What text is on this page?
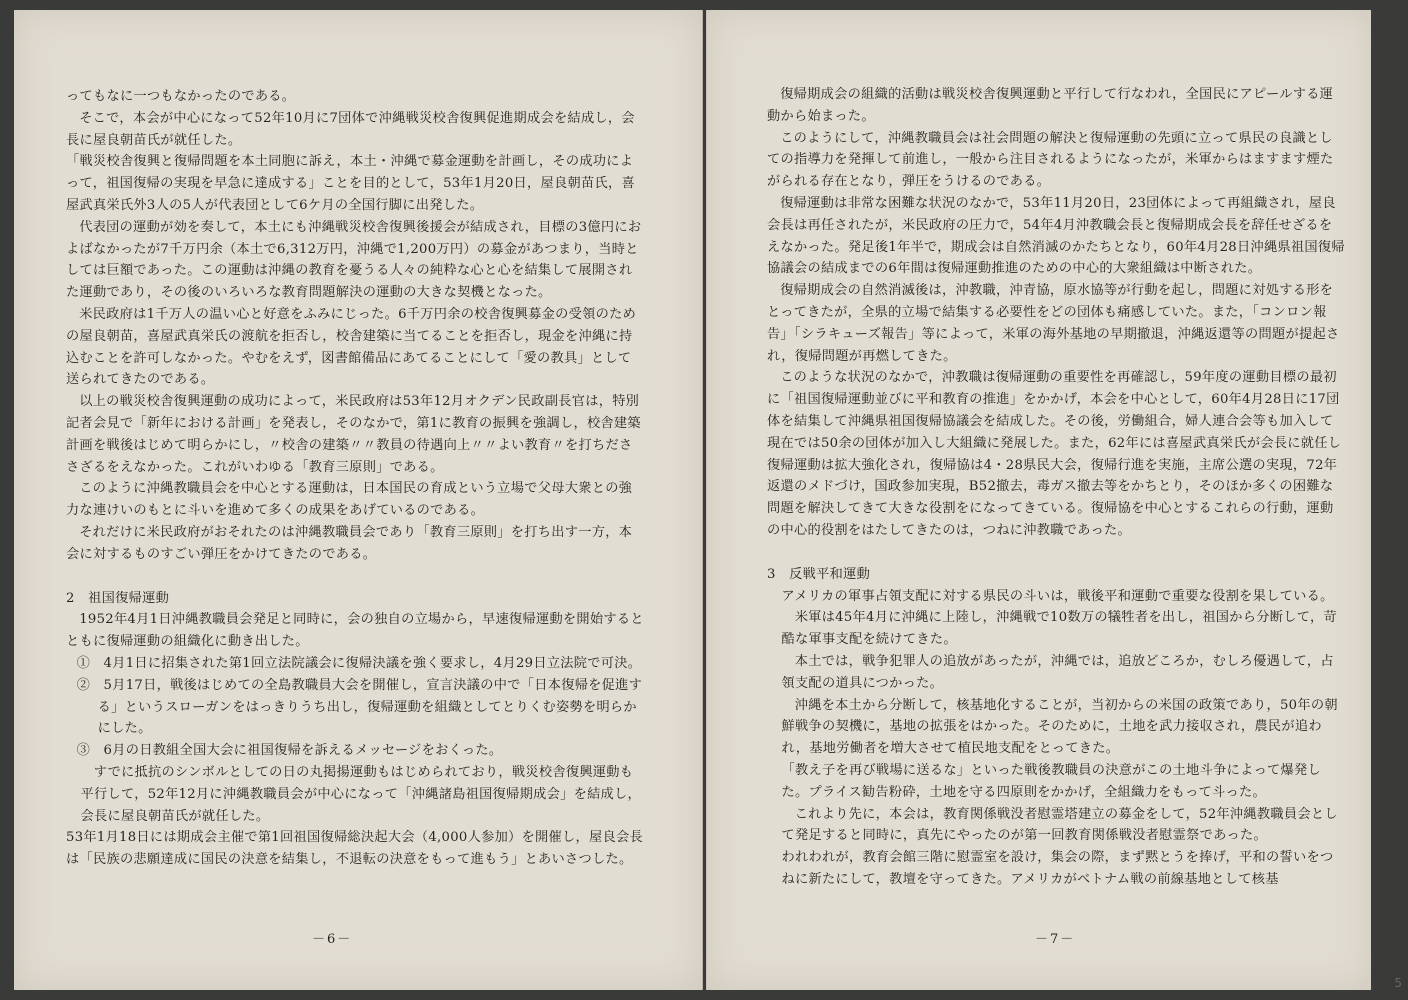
ってもなに一つもなかったのである。

そこで，本会が中心になって52年10月に7団体で沖縄戦災校舎復興促進期成会を結成し，会長に屋良朝苗氏が就任した。

「戦災校舎復興と復帰問題を本土同胞に訴え，本土・沖縄で募金運動を計画し，その成功によって，祖国復帰の実現を早急に達成する」ことを目的として，53年1月20日，屋良朝苗氏，喜屋武真栄氏外3人の5人が代表団として6ケ月の全国行脚に出発した。

代表団の運動が効を奏して，本土にも沖縄戦災校舎復興後援会が結成され，目標の3億円におよばなかったが7千万円余（本土で6,312万円，沖縄で1,200万円）の募金があつまり，当時としては巨額であった。この運動は沖縄の教育を憂うる人々の純粋な心と心を結集して展開された運動であり，その後のいろいろな教育問題解決の運動の大きな契機となった。

米民政府は1千万人の温い心と好意をふみにじった。6千万円余の校舎復興募金の受領のための屋良朝苗，喜屋武真栄氏の渡航を拒否し，校舎建築に当てることを拒否し，現金を沖縄に持込むことを許可しなかった。やむをえず，図書館備品にあてることにして「愛の教具」として送られてきたのである。

以上の戦災校舎復興運動の成功によって，米民政府は53年12月オクデン民政副長官は，特別記者会見で「新年における計画」を発表し，そのなかで，第1に教育の振興を強調し，校舎建築計画を戦後はじめて明らかにし，〃校舎の建築〃〃教員の待遇向上〃〃よい教育〃を打ちだささざるをえなかった。これがいわゆる「教育三原則」である。

このように沖縄教職員会を中心とする運動は，日本国民の育成という立場で父母大衆との強力な連けいのもとに斗いを進めて多くの成果をあげているのである。

それだけに米民政府がおそれたのは沖縄教職員会であり「教育三原則」を打ち出す一方，本会に対するものすごい弾圧をかけてきたのである。

2　祖国復帰運動

1952年4月1日沖縄教職員会発足と同時に，会の独自の立場から，早速復帰運動を開始するとともに復帰運動の組織化に動き出した。

①　4月1日に招集された第1回立法院議会に復帰決議を強く要求し，4月29日立法院で可決。

②　5月17日，戦後はじめての全島教職員大会を開催し，宣言決議の中で「日本復帰を促進する」というスローガンをはっきりうち出し，復帰運動を組織としてとりくむ姿勢を明らかにした。

③　6月の日教組全国大会に祖国復帰を訴えるメッセージをおくった。

すでに抵抗のシンボルとしての日の丸掲揚運動もはじめられており，戦災校舎復興運動も平行して，52年12月に沖縄教職員会が中心になって「沖縄諸島祖国復帰期成会」を結成し，会長に屋良朝苗氏が就任した。

53年1月18日には期成会主催で第1回祖国復帰総決起大会（4,000人参加）を開催し，屋良会長は「民族の悲願達成に国民の決意を結集し，不退転の決意をもって進もう」とあいさつした。

－6－

復帰期成会の組織的活動は戦災校舎復興運動と平行して行なわれ，全国民にアピールする運動から始まった。

このようにして，沖縄教職員会は社会問題の解決と復帰運動の先頭に立って県民の良識としての指導力を発揮して前進し，一般から注目されるようになったが，米軍からはますます煙たがられる存在となり，弾圧をうけるのである。

復帰運動は非常な困難な状況のなかで，53年11月20日，23団体によって再組織され，屋良会長は再任されたが，米民政府の圧力で，54年4月沖教職会長と復帰期成会長を辞任せざるをえなかった。発足後1年半で，期成会は自然消滅のかたちとなり，60年4月28日沖縄県祖国復帰協議会の結成までの6年間は復帰運動推進のための中心的大衆組織は中断された。

復帰期成会の自然消滅後は，沖教職，沖青協，原水協等が行動を起し，問題に対処する形をとってきたが，全県的立場で結集する必要性をどの団体も痛感していた。また，「コンロン報告」「シラキューズ報告」等によって，米軍の海外基地の早期撤退，沖縄返還等の問題が提起され，復帰問題が再燃してきた。

このような状況のなかで，沖教職は復帰運動の重要性を再確認し，59年度の運動目標の最初に「祖国復帰運動並びに平和教育の推進」をかかげ，本会を中心として，60年4月28日に17団体を結集して沖縄県祖国復帰協議会を結成した。その後，労働組合，婦人連合会等も加入して現在では50余の団体が加入し大組織に発展した。また，62年には喜屋武真栄氏が会長に就任し復帰運動は拡大強化され，復帰協は4・28県民大会，復帰行進を実施，主席公選の実現，72年返還のメドづけ，国政参加実現，B52撤去，毒ガス撤去等をかちとり，そのほか多くの困難な問題を解決してきて大きな役割をになってきている。復帰協を中心とするこれらの行動，運動の中心的役割をはたしてきたのは，つねに沖教職であった。

3　反戦平和運動

アメリカの軍事占領支配に対する県民の斗いは，戦後平和運動で重要な役割を果している。

米軍は45年4月に沖縄に上陸し，沖縄戦で10数万の犠牲者を出し，祖国から分断して，苛酷な軍事支配を続けてきた。

本土では，戦争犯罪人の追放があったが，沖縄では，追放どころか，むしろ優遇して，占領支配の道具につかった。

沖縄を本土から分断して，核基地化することが，当初からの米国の政策であり，50年の朝鮮戦争の契機に，基地の拡張をはかった。そのために，土地を武力接収され，農民が追われ，基地労働者を増大させて植民地支配をとってきた。

「教え子を再び戦場に送るな」といった戦後教職員の決意がこの土地斗争によって爆発した。プライス勧告粉砕，土地を守る四原則をかかげ，全組織力をもって斗った。

これより先に，本会は，教育関係戦没者慰霊塔建立の募金をして，52年沖縄教職員会として発足すると同時に，真先にやったのが第一回教育関係戦没者慰霊祭であった。

われわれが，教育会館三階に慰霊室を設け，集会の際，まず黙とうを捧げ，平和の誓いをつねに新たにして，教壇を守ってきた。アメリカがベトナム戦の前線基地として核基

－7－
5
